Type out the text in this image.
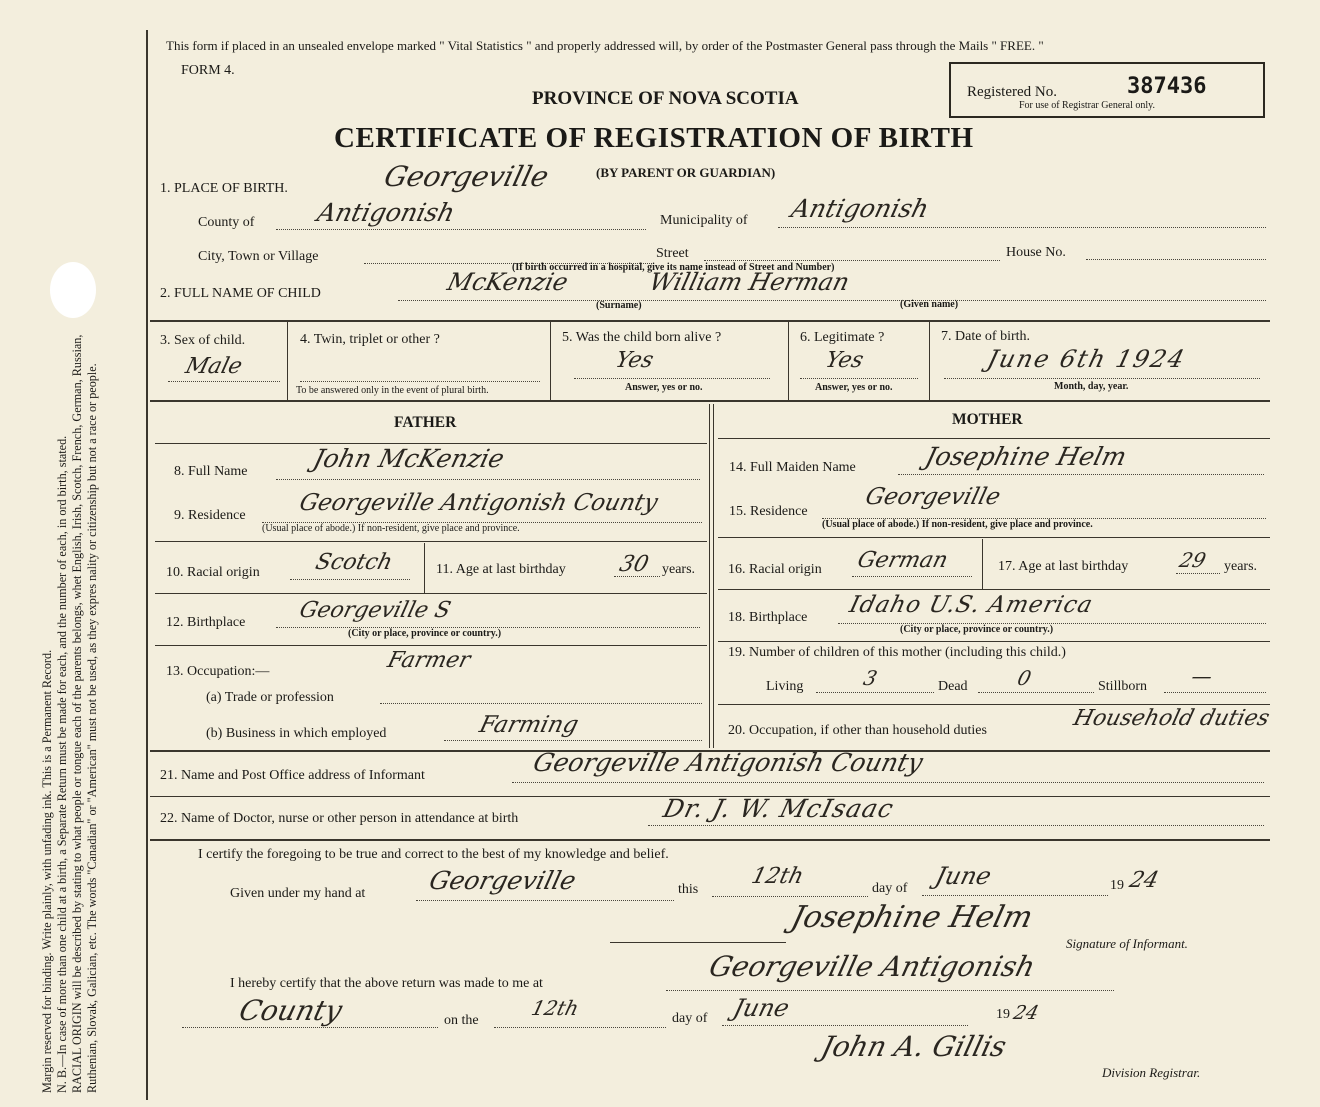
Margin reserved for binding. Write plainly, with unfading ink. This is a Permanent Record. N. B.—In case of more than one child at a birth, a Separate Return must be made for each, and the number of each, in ord birth, stated. RACIAL ORIGIN will be described by stating to what people or tongue each of the parents belongs, whet English, Irish, Scotch, French, German, Russian, Ruthenian, Slovak, Galician, etc. The words "Canadian" or "American" must not be used, as they expres nality or citizenship but not a race or people.
This form if placed in an unsealed envelope marked " Vital Statistics " and properly addressed will, by order of the Postmaster General pass through the Mails " FREE. "
FORM 4.
PROVINCE OF NOVA SCOTIA
CERTIFICATE OF REGISTRATION OF BIRTH
(BY PARENT OR GUARDIAN)
Registered No.	387436
For use of Registrar General only.
1. PLACE OF BIRTH.	Georgeville
County of Antigonish	Municipality of Antigonish
City, Town or Village	Street	House No.
(If birth occurred in a hospital, give its name instead of Street and Number)
2. FULL NAME OF CHILD	McKenzie	William Herman
(Surname)	(Given name)
3. Sex of child.
Male
4. Twin, triplet or other ?
To be answered only in the event of plural birth.
5. Was the child born alive ?
Yes
Answer, yes or no.
6. Legitimate ?
Yes
Answer, yes or no.
7. Date of birth.
June 6th 1924
Month, day, year.
FATHER	MOTHER
8. Full Name	John McKenzie
9. Residence Georgeville Antigonish County
(Usual place of abode.) If non-resident, give place and province.
10. Racial origin Scotch	11. Age at last birthday 30 years.
12. Birthplace Georgeville S
(City or place, province or country.)
13. Occupation:—	Farmer
(a) Trade or profession
(b) Business in which employed	Farming
14. Full Maiden Name	Josephine Helm
15. Residence
Georgeville
(Usual place of abode.) If non-resident, give place and province.
16. Racial origin German	17. Age at last birthday 29 years.
18. Birthplace Idaho U.S. America
(City or place, province or country.)
19. Number of children of this mother (including this child.)
Living	3	Dead 0	Stillborn —
20. Occupation, if other than household duties	Household duties
21. Name and Post Office address of Informant	Georgeville Antigonish County
22. Name of Doctor, nurse or other person in attendance at birth	Dr. J. W. McIsaac
I certify the foregoing to be true and correct to the best of my knowledge and belief.
Given under my hand at Georgeville	this
12th	day of June	19 24
Josephine Helm
Signature of Informant.
I hereby certify that the above return was made to me at
Georgeville Antigonish
County	on the
12th	day of June	19 24
John A. Gillis
Division Registrar.
